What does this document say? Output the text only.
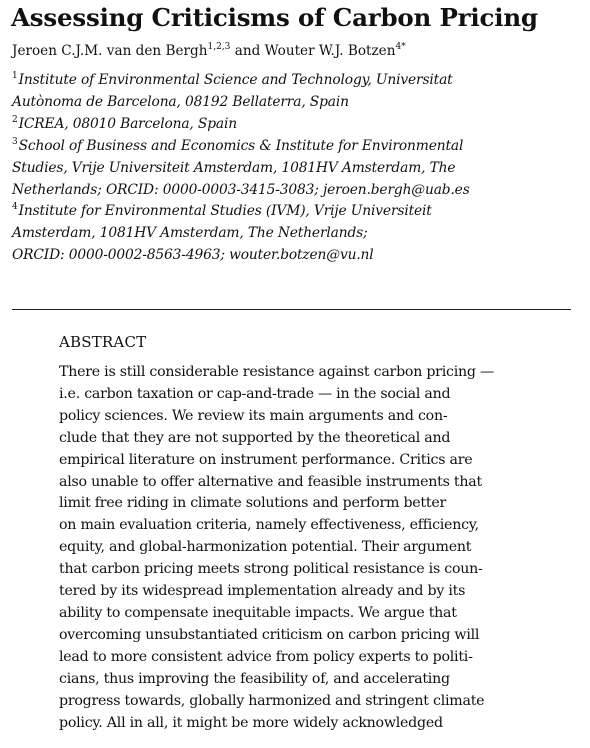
Assessing Criticisms of Carbon Pricing
Jeroen C.J.M. van den Bergh$^{1,2,3}$ and Wouter W.J. Botzen$^{4*}$
$^1$Institute of Environmental Science and Technology, Universitat
Autònoma de Barcelona, 08192 Bellaterra, Spain
$^2$ICREA, 08010 Barcelona, Spain
$^3$School of Business and Economics & Institute for Environmental
Studies, Vrije Universiteit Amsterdam, 1081HV Amsterdam, The
Netherlands; ORCID: 0000-0003-3415-3083; jeroen.bergh@uab.es
$^4$Institute for Environmental Studies (IVM), Vrije Universiteit
Amsterdam, 1081HV Amsterdam, The Netherlands;
ORCID: 0000-0002-8563-4963; wouter.botzen@vu.nl
ABSTRACT
There is still considerable resistance against carbon pricing —
i.e. carbon taxation or cap-and-trade — in the social and
policy sciences. We review its main arguments and con-
clude that they are not supported by the theoretical and
empirical literature on instrument performance. Critics are
also unable to offer alternative and feasible instruments that
limit free riding in climate solutions and perform better
on main evaluation criteria, namely effectiveness, efficiency,
equity, and global-harmonization potential. Their argument
that carbon pricing meets strong political resistance is coun-
tered by its widespread implementation already and by its
ability to compensate inequitable impacts. We argue that
overcoming unsubstantiated criticism on carbon pricing will
lead to more consistent advice from policy experts to politi-
cians, thus improving the feasibility of, and accelerating
progress towards, globally harmonized and stringent climate
policy. All in all, it might be more widely acknowledged
